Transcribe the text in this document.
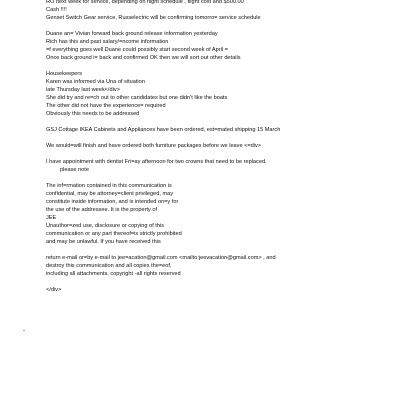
RO next week for service, depending on flight schedule , flight cost and $500.00
Cash !!!!
Genset Switch Gear service, Russelectric will be confirming tomorro= service schedule
Duane an= Vivian forward back ground release information yesterday
Rich has this and past salary/=ncome information
=f everything goes well Duane could possibly start second week of April =
Once back ground i= back and confirmed OK then we will sort out other details
Housekeepers
Karen was informed via Una of situation
late Thursday last week</div>
She did try and re=ch out to other candidates but one didn't like the boats
The other did not have the experience= required
Obviously this needs to be addressed
GSJ Cottage IKEA Cabinets and Appliances have been ordered, est=mated shipping 15 March
We would=will finish and have ordered both furniture packages before we leave <=div>
I have appointment with dentist Fri=ay afternoon for two crowns that need to be replaced.
please note
The inf=rmation contained in this communication is
confidential, may be attorney=client privileged, may
constitute inside information, and is intended on=y for
the use of the addressee. It is the property of
JEE
Unauthor=zed use, disclosure or copying of this
communication or any part thereof=is strictly prohibited
and may be unlawful. If you have received this
return e-mail or=by e-mail to jee=acation@gmail.com <mailto:jeevacation@gmail.com> , and
destroy this communication and all copies the=eof,
including all attachments. copyright -all rights reserved
</div>
"
